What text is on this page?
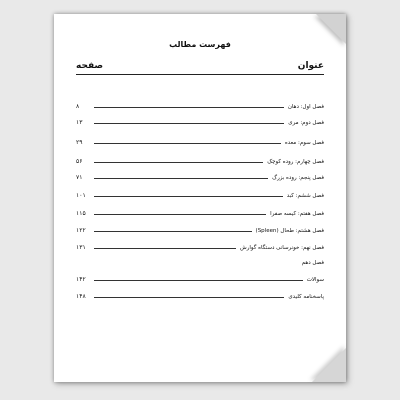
فهرست مطالب
عنوان
صفحه
فصل اول: دهان
۸
فصل دوم: مری
۱۳
فصل سوم: معده
۲۹
فصل چهارم: روده کوچک
۵۶
فصل پنجم: روده بزرگ
۷۱
فصل ششم: کبد
۱۰۱
فصل هفتم: کیسه صفرا
۱۱۵
فصل هشتم: طحال (Spleen)
۱۲۲
فصل نهم: خونرسانی دستگاه گوارش
۱۳۱
فصل دهم
سوالات
۱۴۲
پاسخنامه کلیدی
۱۴۸
